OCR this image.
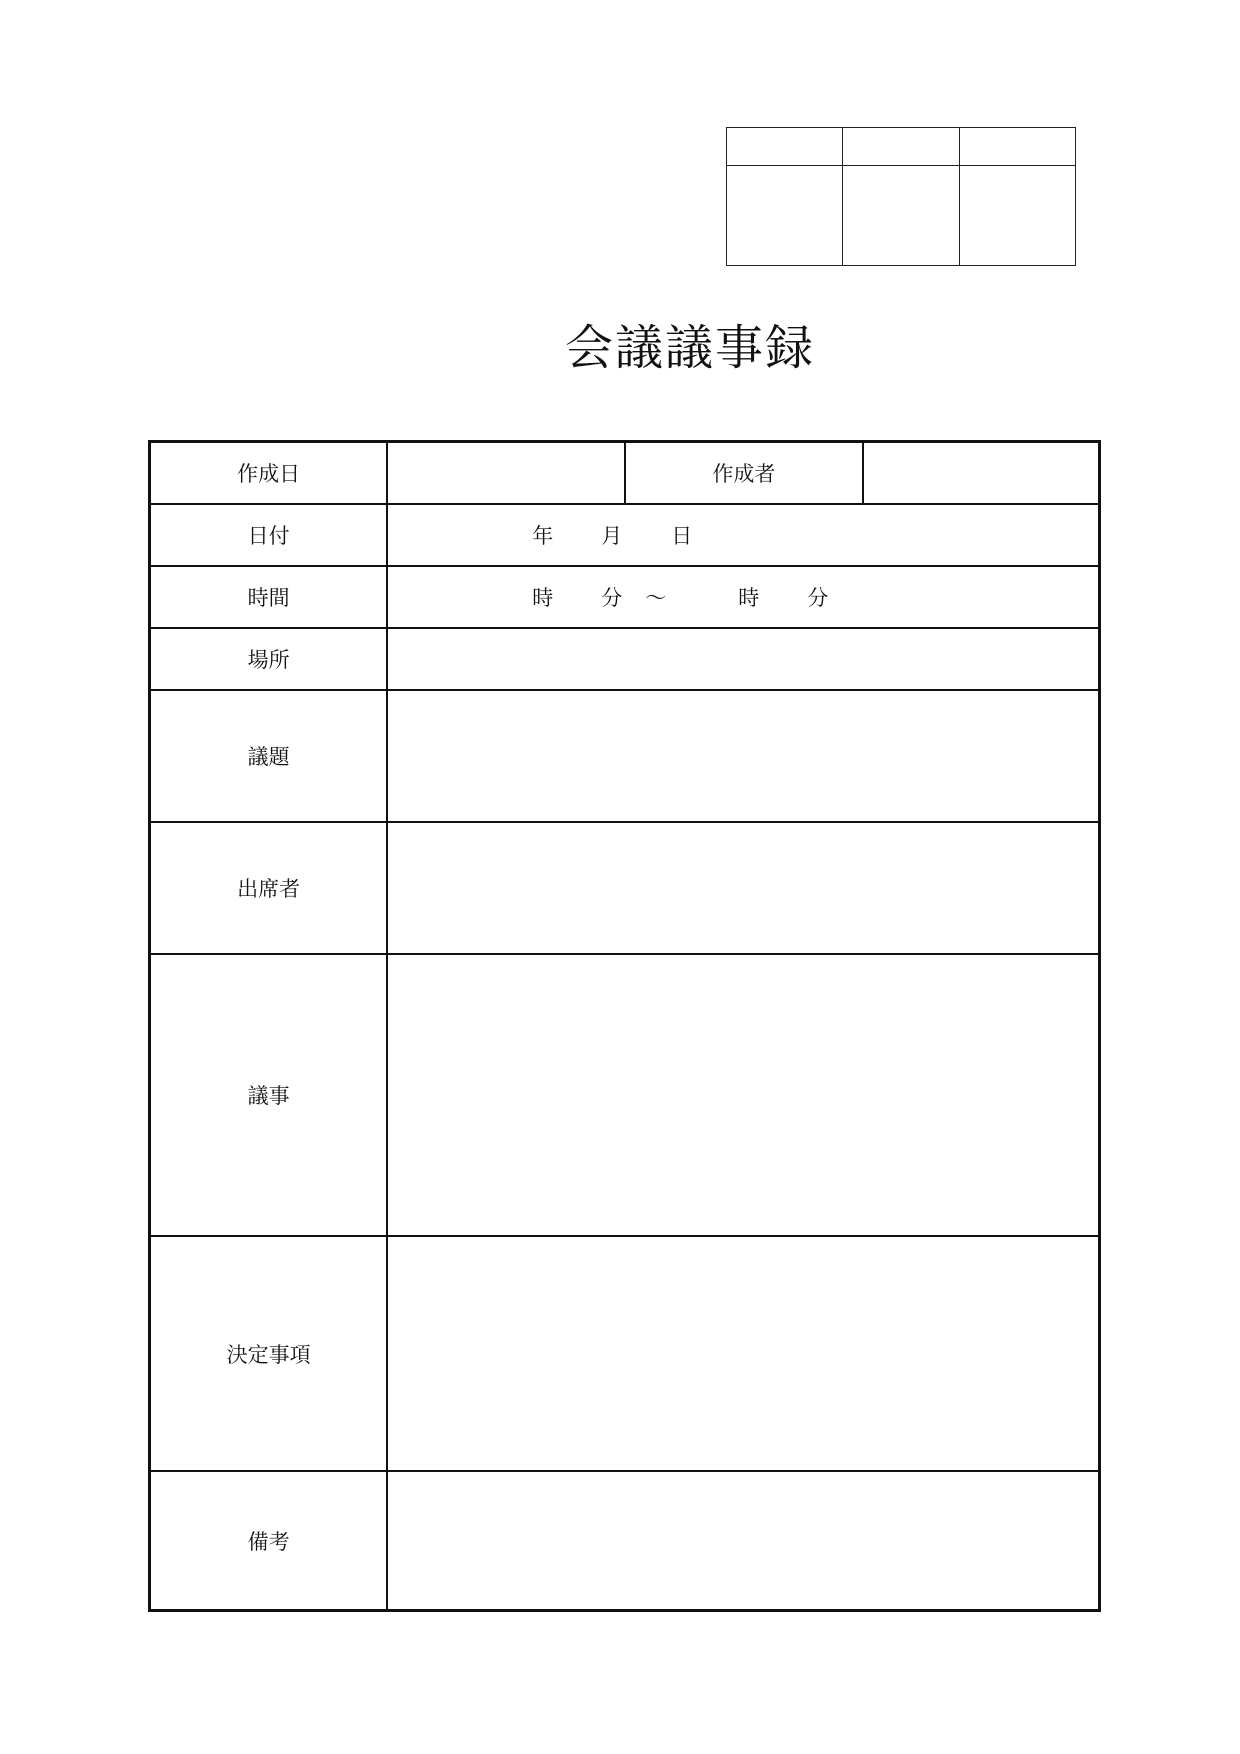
会議議事録
作成日		作成者	
日付	年 月 日		

時間	時 分 〜 時 分		

場所			
議題			
出席者			
議事			
決定事項			
備考			
